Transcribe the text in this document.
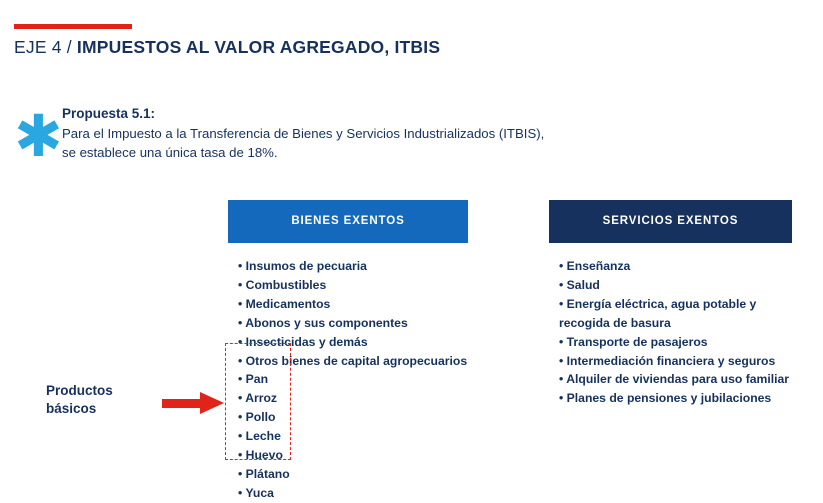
EJE 4 / IMPUESTOS AL VALOR AGREGADO, ITBIS
✱ Propuesta 5.1:
Para el Impuesto a la Transferencia de Bienes y Servicios Industrializados (ITBIS),
se establece una única tasa de 18%.
BIENES EXENTOS
• Insumos de pecuaria
• Combustibles
• Medicamentos
• Abonos y sus componentes
• Insecticidas y demás
• Otros bienes de capital agropecuarios
• Pan
• Arroz
• Pollo
• Leche
• Huevo
• Plátano
• Yuca
SERVICIOS EXENTOS
• Enseñanza
• Salud
• Energía eléctrica, agua potable y recogida de basura
• Transporte de pasajeros
• Intermediación financiera y seguros
• Alquiler de viviendas para uso familiar
• Planes de pensiones y jubilaciones
Productos
básicos
